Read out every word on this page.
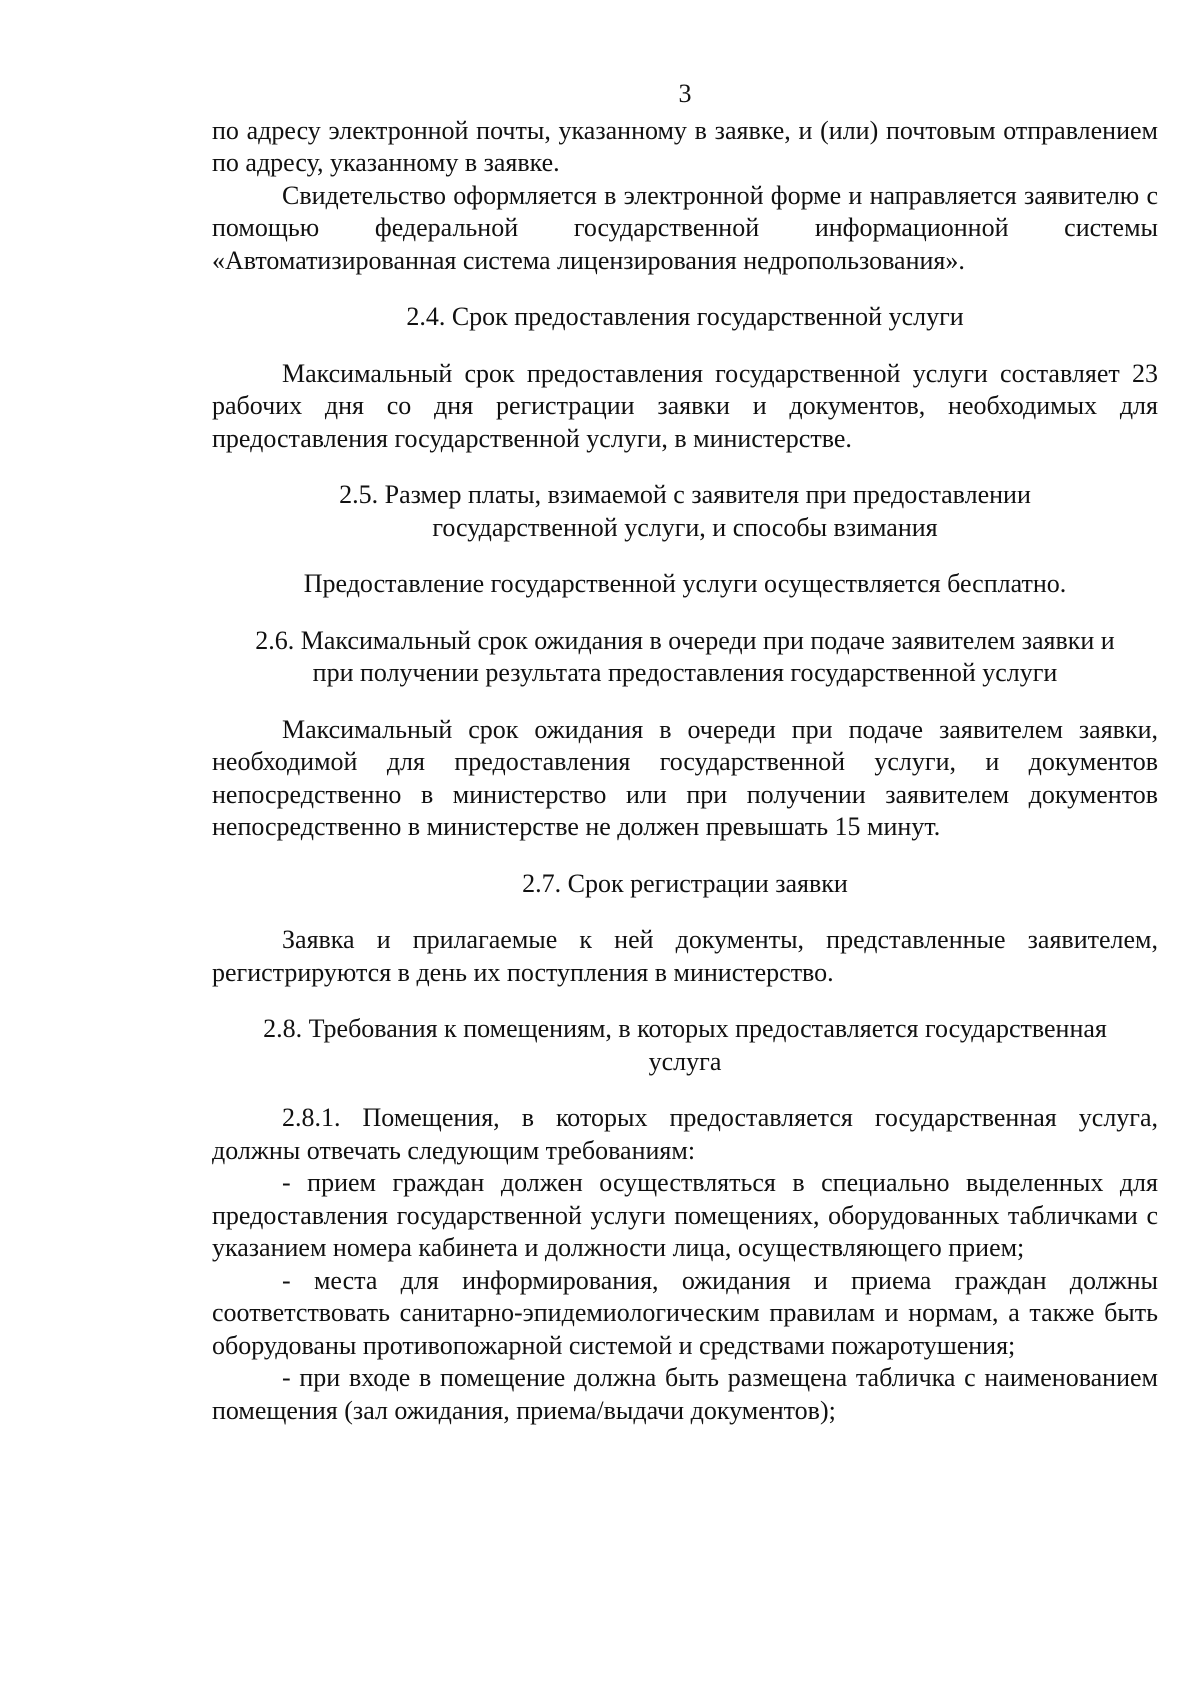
3

по адресу электронной почты, указанному в заявке, и (или) почтовым отправлением по адресу, указанному в заявке.

Свидетельство оформляется в электронной форме и направляется заявителю с помощью федеральной государственной информационной системы «Автоматизированная система лицензирования недропользования».

2.4. Срок предоставления государственной услуги

Максимальный срок предоставления государственной услуги составляет 23 рабочих дня со дня регистрации заявки и документов, необходимых для предоставления государственной услуги, в министерстве.

2.5. Размер платы, взимаемой с заявителя при предоставлении
государственной услуги, и способы взимания
Предоставление государственной услуги осуществляется бесплатно.
2.6. Максимальный срок ожидания в очереди при подаче заявителем заявки и
при получении результата предоставления государственной услуги

Максимальный срок ожидания в очереди при подаче заявителем заявки, необходимой для предоставления государственной услуги, и документов непосредственно в министерство или при получении заявителем документов непосредственно в министерстве не должен превышать 15 минут.

2.7. Срок регистрации заявки

Заявка и прилагаемые к ней документы, представленные заявителем, регистрируются в день их поступления в министерство.

2.8. Требования к помещениям, в которых предоставляется государственная
услуга

2.8.1. Помещения, в которых предоставляется государственная услуга, должны отвечать следующим требованиям:

- прием граждан должен осуществляться в специально выделенных для предоставления государственной услуги помещениях, оборудованных табличками с указанием номера кабинета и должности лица, осуществляющего прием;

- места для информирования, ожидания и приема граждан должны соответствовать санитарно-эпидемиологическим правилам и нормам, а также быть оборудованы противопожарной системой и средствами пожаротушения;

- при входе в помещение должна быть размещена табличка с наименованием помещения (зал ожидания, приема/выдачи документов);
